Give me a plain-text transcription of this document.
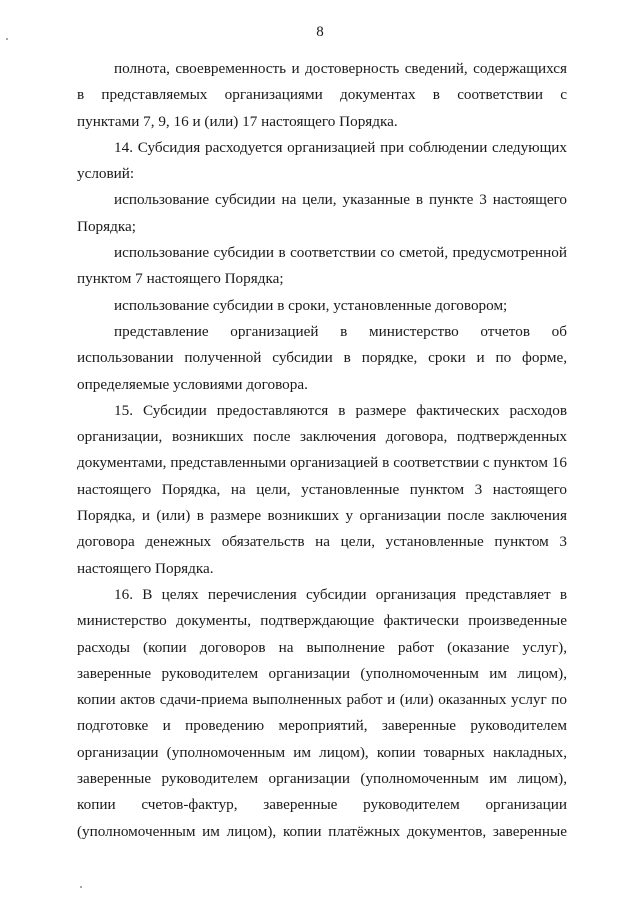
8
полнота, своевременность и достоверность сведений, содержащихся
в представляемых организациями документах в соответствии с
пунктами 7, 9, 16 и (или) 17 настоящего Порядка.
14. Субсидия расходуется организацией при соблюдении следующих
условий:
использование субсидии на цели, указанные в пункте 3 настоящего
Порядка;
использование субсидии в соответствии со сметой, предусмотренной
пунктом 7 настоящего Порядка;
использование субсидии в сроки, установленные договором;
представление организацией в министерство отчетов об
использовании полученной субсидии в порядке, сроки и по форме,
определяемые условиями договора.
15. Субсидии предоставляются в размере фактических расходов
организации, возникших после заключения договора, подтвержденных
документами, представленными организацией в соответствии с пунктом 16
настоящего Порядка, на цели, установленные пунктом 3 настоящего
Порядка, и (или) в размере возникших у организации после заключения
договора денежных обязательств на цели, установленные пунктом 3
настоящего Порядка.
16. В целях перечисления субсидии организация представляет в
министерство документы, подтверждающие фактически произведенные
расходы (копии договоров на выполнение работ (оказание услуг),
заверенные руководителем организации (уполномоченным им лицом),
копии актов сдачи-приема выполненных работ и (или) оказанных услуг по
подготовке и проведению мероприятий, заверенные руководителем
организации (уполномоченным им лицом), копии товарных накладных,
заверенные руководителем организации (уполномоченным им лицом),
копии счетов-фактур, заверенные руководителем организации
(уполномоченным им лицом), копии платёжных документов, заверенные
